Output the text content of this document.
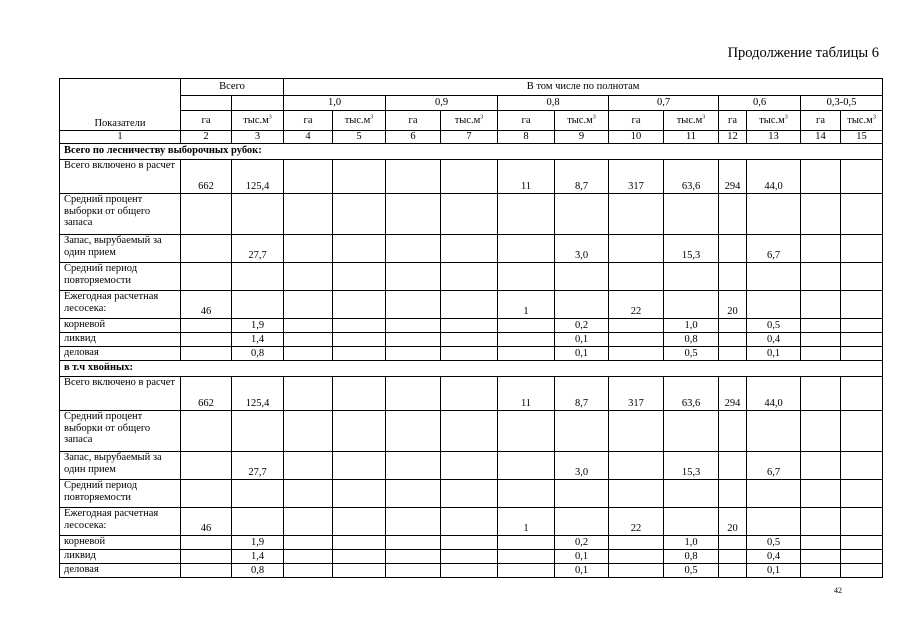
Продолжение таблицы 6
Показатели	Всего		В том числе по полнотам											
			1,0		0,9		0,8		0,7		0,6		0,3-0,5	
	га	$тыс.м^3$	га	$тыс.м^3$	га	$тыс.м^3$	га	$тыс.м^3$	га	$тыс.м^3$	га	$тыс.м^3$	га	$тыс.м^3$
1	2	3	4	5	6	7	8	9	10	11	12	13	14	15
Всего по лесничеству выборочных рубок:														
Всего включено в расчет	662	125,4					11	8,7	317	63,6	294	44,0		
Средний процент выборки от общего запаса														
Запас, вырубаемый за один прием		27,7						3,0		15,3		6,7		
Средний период повторяемости														
Ежегодная расчетная лесосека:	46						1		22		20			
корневой		1,9						0,2		1,0		0,5		
ликвид		1,4						0,1		0,8		0,4		
деловая		0,8						0,1		0,5		0,1		
в т.ч хвойных:														
Всего включено в расчет	662	125,4					11	8,7	317	63,6	294	44,0		
Средний процент выборки от общего запаса														
Запас, вырубаемый за один прием		27,7						3,0		15,3		6,7		
Средний период повторяемости														
Ежегодная расчетная лесосека:	46						1		22		20			
корневой		1,9						0,2		1,0		0,5		
ликвид		1,4						0,1		0,8		0,4		
деловая		0,8						0,1		0,5		0,1		
42
